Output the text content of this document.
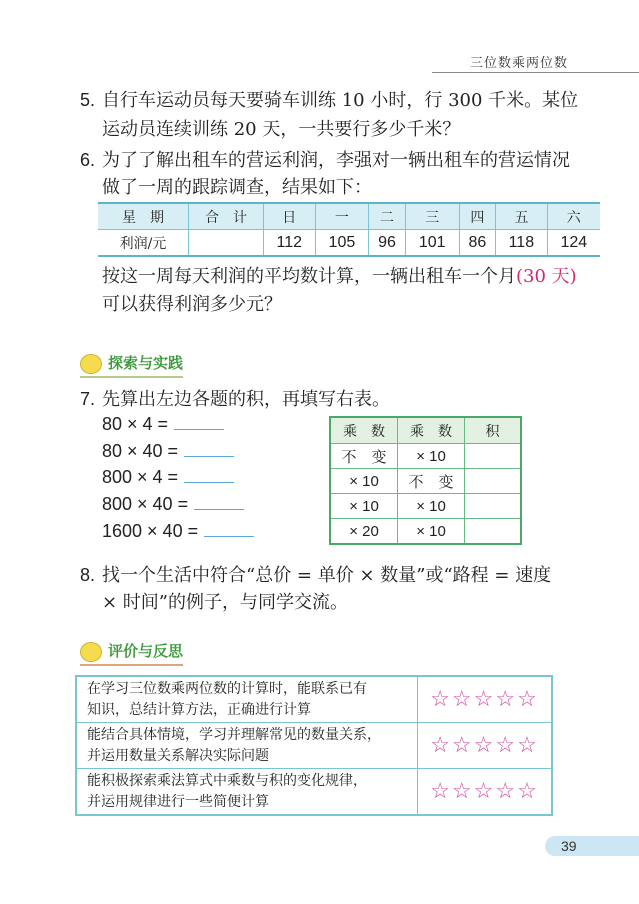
三位数乘两位数
5. 自行车运动员每天要骑车训练 10 小时，行 300 千米。某位
运动员连续训练 20 天，一共要行多少千米？
6. 为了了解出租车的营运利润，李强对一辆出租车的营运情况
做了一周的跟踪调查，结果如下：
星　期	合　计	日	一	二	三	四	五	六
利润/元		112	105	96	101	86	118	124
按这一周每天利润的平均数计算，一辆出租车一个月(30 天)
可以获得利润多少元？
探索与实践
7. 先算出左边各题的积，再填写右表。
80 × 4 =
80 × 40 =
800 × 4 =
800 × 40 =
1600 × 40 =
乘　数	乘　数	积
不　变	× 10	
× 10	不　变	
× 10	× 10	
× 20	× 10	
8. 找一个生活中符合“总价 = 单价 × 数量”或“路程 = 速度
× 时间”的例子，与同学交流。
评价与反思
在学习三位数乘两位数的计算时，能联系已有
知识，总结计算方法，正确进行计算	☆☆☆☆☆
能结合具体情境，学习并理解常见的数量关系，
并运用数量关系解决实际问题	☆☆☆☆☆
能积极探索乘法算式中乘数与积的变化规律，
并运用规律进行一些简便计算	☆☆☆☆☆
39
